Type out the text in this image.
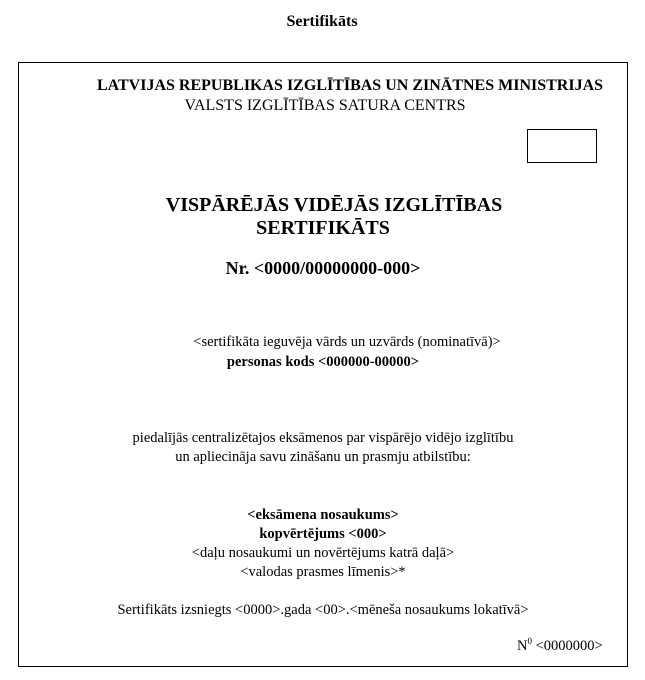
Sertifikāts
LATVIJAS REPUBLIKAS IZGLĪTĪBAS UN ZINĀTNES MINISTRIJAS
VALSTS IZGLĪTĪBAS SATURA CENTRS
VISPĀRĒJĀS VIDĒJĀS IZGLĪTĪBAS
SERTIFIKĀTS
Nr. <0000/00000000-000>
<sertifikāta ieguvēja vārds un uzvārds (nominatīvā)>
personas kods <000000-00000>
piedalījās centralizētajos eksāmenos par vispārējo vidējo izglītību
un apliecināja savu zināšanu un prasmju atbilstību:
<eksāmena nosaukums>
kopvērtējums <000>
<daļu nosaukumi un novērtējums katrā daļā>
<valodas prasmes līmenis>*
Sertifikāts izsniegts <0000>.gada <00>.<mēneša nosaukums lokatīvā>
$N^0 <0000000>$
